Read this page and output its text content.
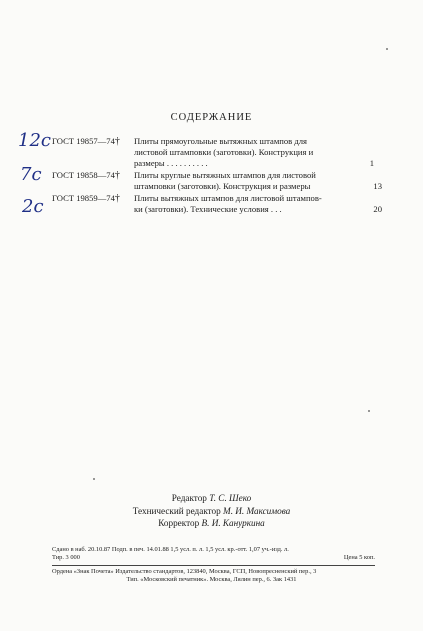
СОДЕРЖАНИЕ
12с ГОСТ 19857—74† Плиты прямоугольные вытяжных штампов для
листовой штамповки (заготовки). Конструкция и
размеры . . . . . . . . . .	1
7с ГОСТ 19858—74† Плиты круглые вытяжных штампов для листовой
штамповки (заготовки). Конструкция и размеры	13
2с ГОСТ 19859—74† Плиты вытяжных штампов для листовой штампов-
ки (заготовки). Технические условия . . .	20
Редактор Т. С. Шеко
Технический редактор М. И. Максимова
Корректор В. И. Кануркина
Сдано в наб. 20.10.87 Подп. в печ. 14.01.88 1,5 усл. п. л. 1,5 усл. кр.-отт. 1,07 уч.-изд. л.
Тир. 3 000	Цена 5 коп.
Ордена «Знак Почета» Издательство стандартов, 123840, Москва, ГСП, Новопресненский пер., 3
Тип. «Московский печатник». Москва, Лялин пер., 6. Зак 1431
